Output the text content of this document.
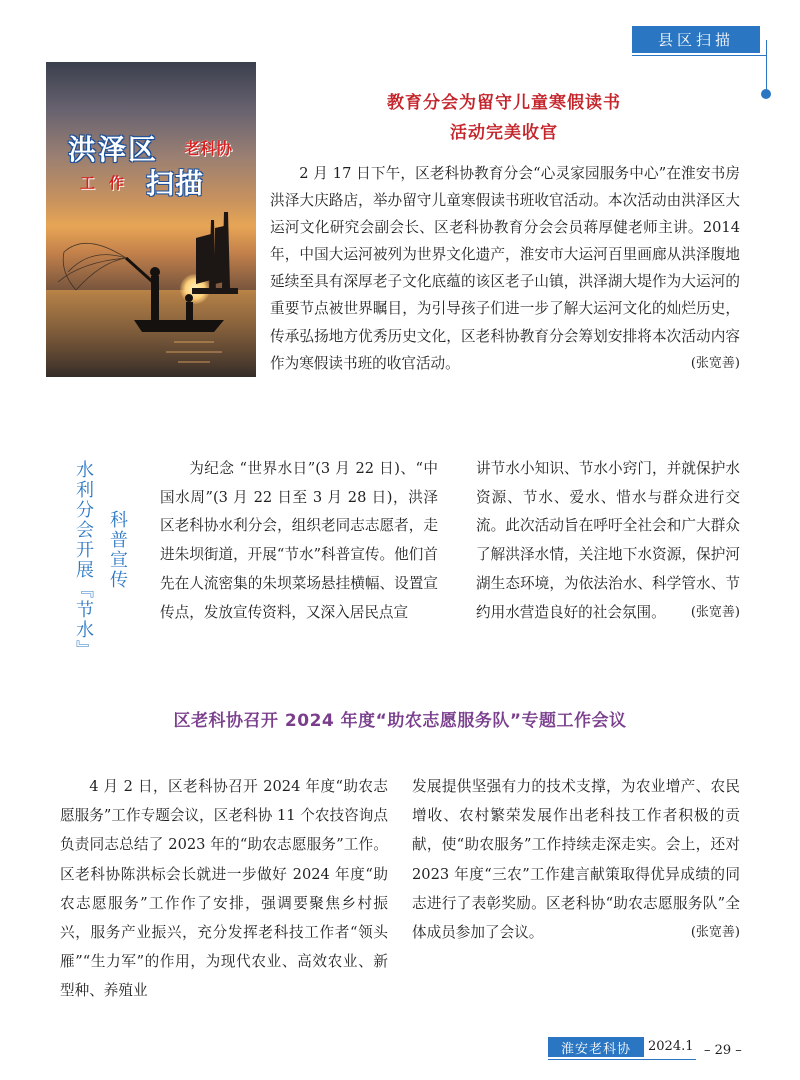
县区扫描
洪泽区 老科协
工作 扫描
教育分会为留守儿童寒假读书
活动完美收官

2 月 17 日下午，区老科协教育分会“心灵家园服务中心”在淮安书房洪泽大庆路店，举办留守儿童寒假读书班收官活动。本次活动由洪泽区大运河文化研究会副会长、区老科协教育分会会员蒋厚健老师主讲。2014 年，中国大运河被列为世界文化遗产，淮安市大运河百里画廊从洪泽腹地延续至具有深厚老子文化底蕴的该区老子山镇，洪泽湖大堤作为大运河的重要节点被世界瞩目，为引导孩子们进一步了解大运河文化的灿烂历史，传承弘扬地方优秀历史文化，区老科协教育分会筹划安排将本次活动内容作为寒假读书班的收官活动。	(张宽善)

水利分会开展『节水』 科普宣传

为纪念 “世界水日”(3 月 22 日)、“中国水周”(3 月 22 日至 3 月 28 日)，洪泽区老科协水利分会，组织老同志志愿者，走进朱坝街道，开展“节水”科普宣传。他们首先在人流密集的朱坝菜场悬挂横幅、设置宣传点，发放宣传资料，又深入居民点宣

讲节水小知识、节水小窍门，并就保护水资源、节水、爱水、惜水与群众进行交流。此次活动旨在呼吁全社会和广大群众了解洪泽水情，关注地下水资源，保护河湖生态环境，为依法治水、科学管水、节约用水营造良好的社会氛围。 (张宽善)

区老科协召开 2024 年度“助农志愿服务队”专题工作会议

4 月 2 日，区老科协召开 2024 年度“助农志愿服务”工作专题会议，区老科协 11 个农技咨询点负责同志总结了 2023 年的“助农志愿服务”工作。区老科协陈洪标会长就进一步做好 2024 年度“助农志愿服务”工作作了安排，强调要聚焦乡村振兴，服务产业振兴，充分发挥老科技工作者“领头雁”“生力军”的作用，为现代农业、高效农业、新型种、养殖业

发展提供坚强有力的技术支撑，为农业增产、农民增收、农村繁荣发展作出老科技工作者积极的贡献，使“助农服务”工作持续走深走实。会上，还对 2023 年度“三农”工作建言献策取得优异成绩的同志进行了表彰奖励。区老科协“助农志愿服务队”全体成员参加了会议。	(张宽善)

淮安老科协	2024.1 – 29 –
